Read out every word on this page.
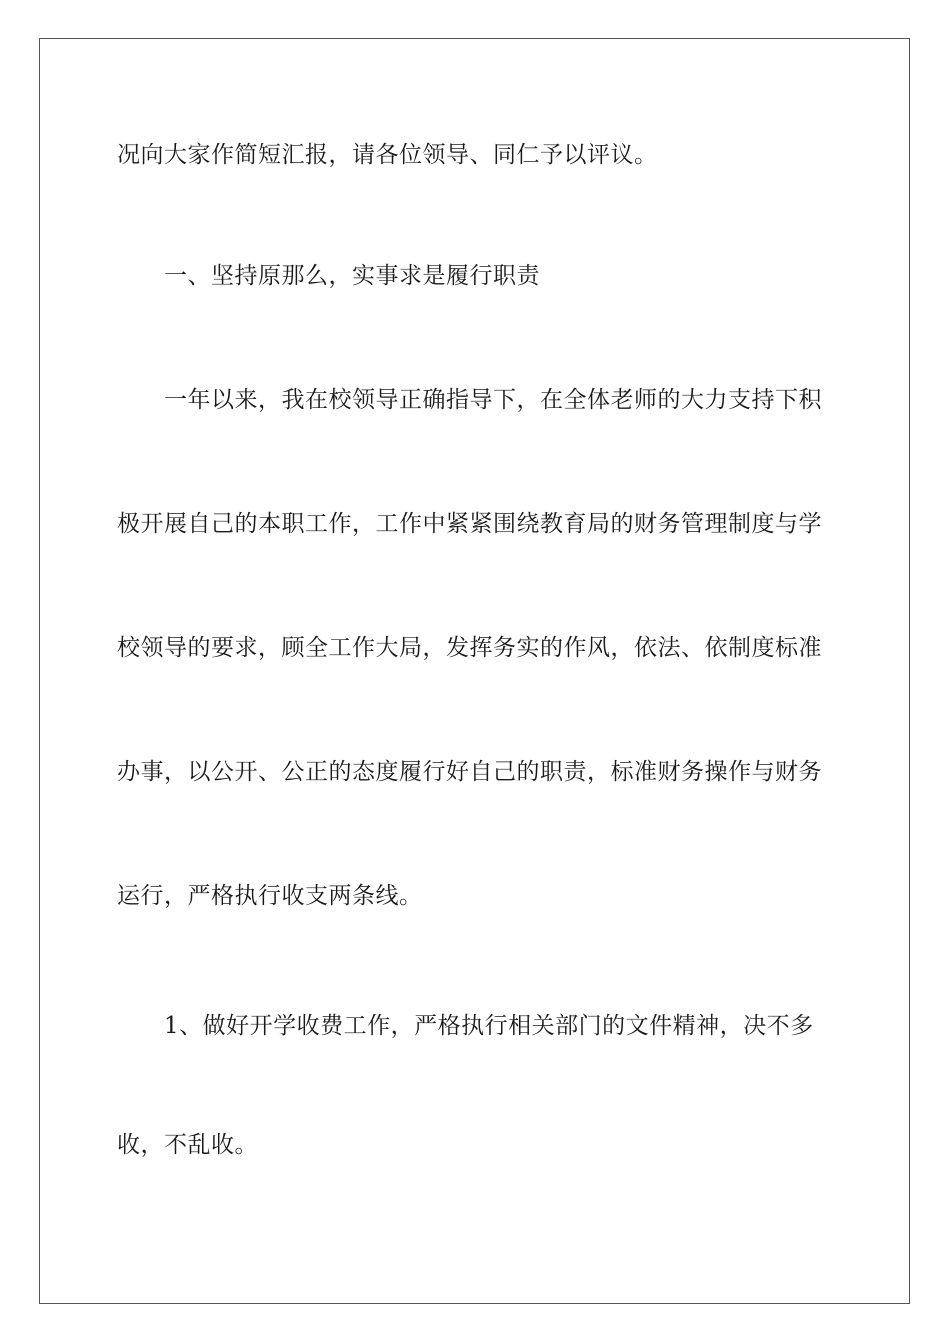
况向大家作简短汇报，请各位领导、同仁予以评议。
一、坚持原那么，实事求是履行职责
一年以来，我在校领导正确指导下，在全体老师的大力支持下积
极开展自己的本职工作，工作中紧紧围绕教育局的财务管理制度与学
校领导的要求，顾全工作大局，发挥务实的作风，依法、依制度标准
办事，以公开、公正的态度履行好自己的职责，标准财务操作与财务
运行，严格执行收支两条线。
1、做好开学收费工作，严格执行相关部门的文件精神，决不多
收，不乱收。
